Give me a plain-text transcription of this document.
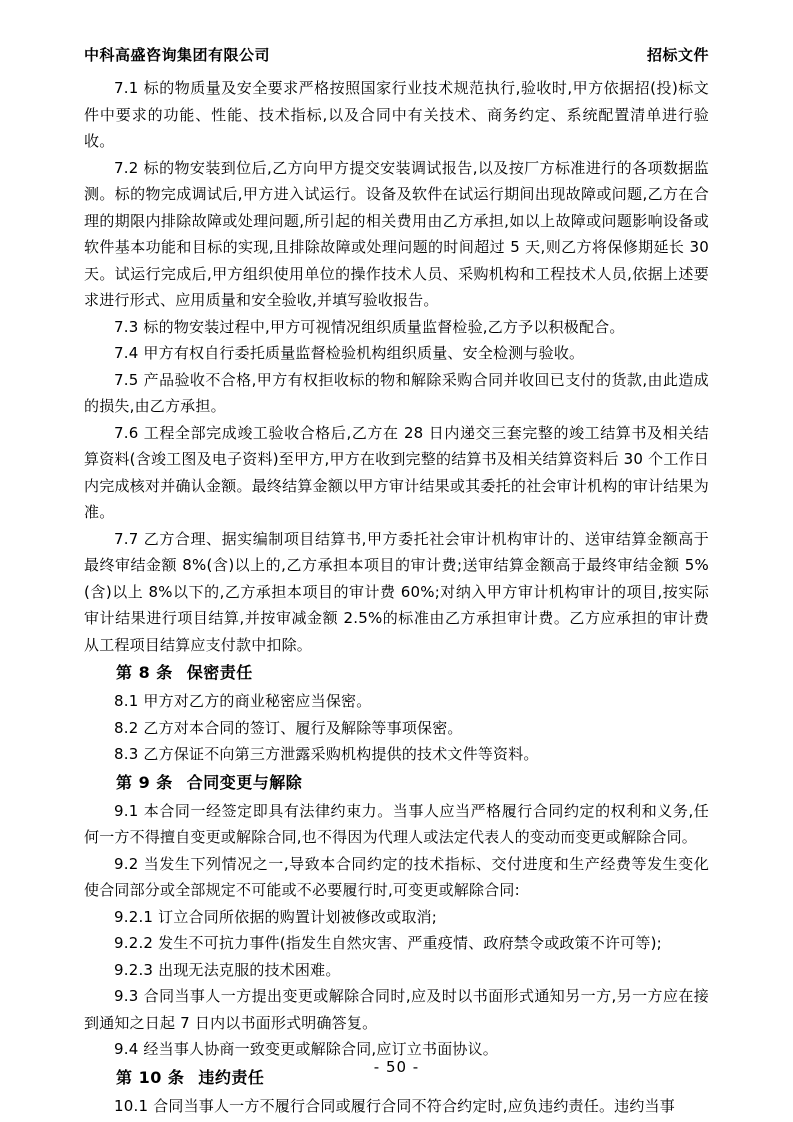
中科高盛咨询集团有限公司	招标文件

7.1 标的物质量及安全要求严格按照国家行业技术规范执行,验收时,甲方依据招(投)标文件中要求的功能、性能、技术指标,以及合同中有关技术、商务约定、系统配置清单进行验收。

7.2 标的物安装到位后,乙方向甲方提交安装调试报告,以及按厂方标准进行的各项数据监测。标的物完成调试后,甲方进入试运行。设备及软件在试运行期间出现故障或问题,乙方在合理的期限内排除故障或处理问题,所引起的相关费用由乙方承担,如以上故障或问题影响设备或软件基本功能和目标的实现,且排除故障或处理问题的时间超过 5 天,则乙方将保修期延长 30 天。试运行完成后,甲方组织使用单位的操作技术人员、采购机构和工程技术人员,依据上述要求进行形式、应用质量和安全验收,并填写验收报告。

7.3 标的物安装过程中,甲方可视情况组织质量监督检验,乙方予以积极配合。

7.4 甲方有权自行委托质量监督检验机构组织质量、安全检测与验收。

7.5 产品验收不合格,甲方有权拒收标的物和解除采购合同并收回已支付的货款,由此造成的损失,由乙方承担。

7.6 工程全部完成竣工验收合格后,乙方在 28 日内递交三套完整的竣工结算书及相关结算资料(含竣工图及电子资料)至甲方,甲方在收到完整的结算书及相关结算资料后 30 个工作日内完成核对并确认金额。最终结算金额以甲方审计结果或其委托的社会审计机构的审计结果为准。

7.7 乙方合理、据实编制项目结算书,甲方委托社会审计机构审计的、送审结算金额高于最终审结金额 8%(含)以上的,乙方承担本项目的审计费;送审结算金额高于最终审结金额 5%(含)以上 8%以下的,乙方承担本项目的审计费 60%;对纳入甲方审计机构审计的项目,按实际审计结果进行项目结算,并按审减金额 2.5%的标准由乙方承担审计费。乙方应承担的审计费从工程项目结算应支付款中扣除。

第 8 条 保密责任

8.1 甲方对乙方的商业秘密应当保密。

8.2 乙方对本合同的签订、履行及解除等事项保密。

8.3 乙方保证不向第三方泄露采购机构提供的技术文件等资料。

第 9 条 合同变更与解除

9.1 本合同一经签定即具有法律约束力。当事人应当严格履行合同约定的权利和义务,任何一方不得擅自变更或解除合同,也不得因为代理人或法定代表人的变动而变更或解除合同。

9.2 当发生下列情况之一,导致本合同约定的技术指标、交付进度和生产经费等发生变化使合同部分或全部规定不可能或不必要履行时,可变更或解除合同:

9.2.1 订立合同所依据的购置计划被修改或取消;

9.2.2 发生不可抗力事件(指发生自然灾害、严重疫情、政府禁令或政策不许可等);

9.2.3 出现无法克服的技术困难。

9.3 合同当事人一方提出变更或解除合同时,应及时以书面形式通知另一方,另一方应在接到通知之日起 7 日内以书面形式明确答复。

9.4 经当事人协商一致变更或解除合同,应订立书面协议。

第 10 条 违约责任

10.1 合同当事人一方不履行合同或履行合同不符合约定时,应负违约责任。违约当事

- 50 -
